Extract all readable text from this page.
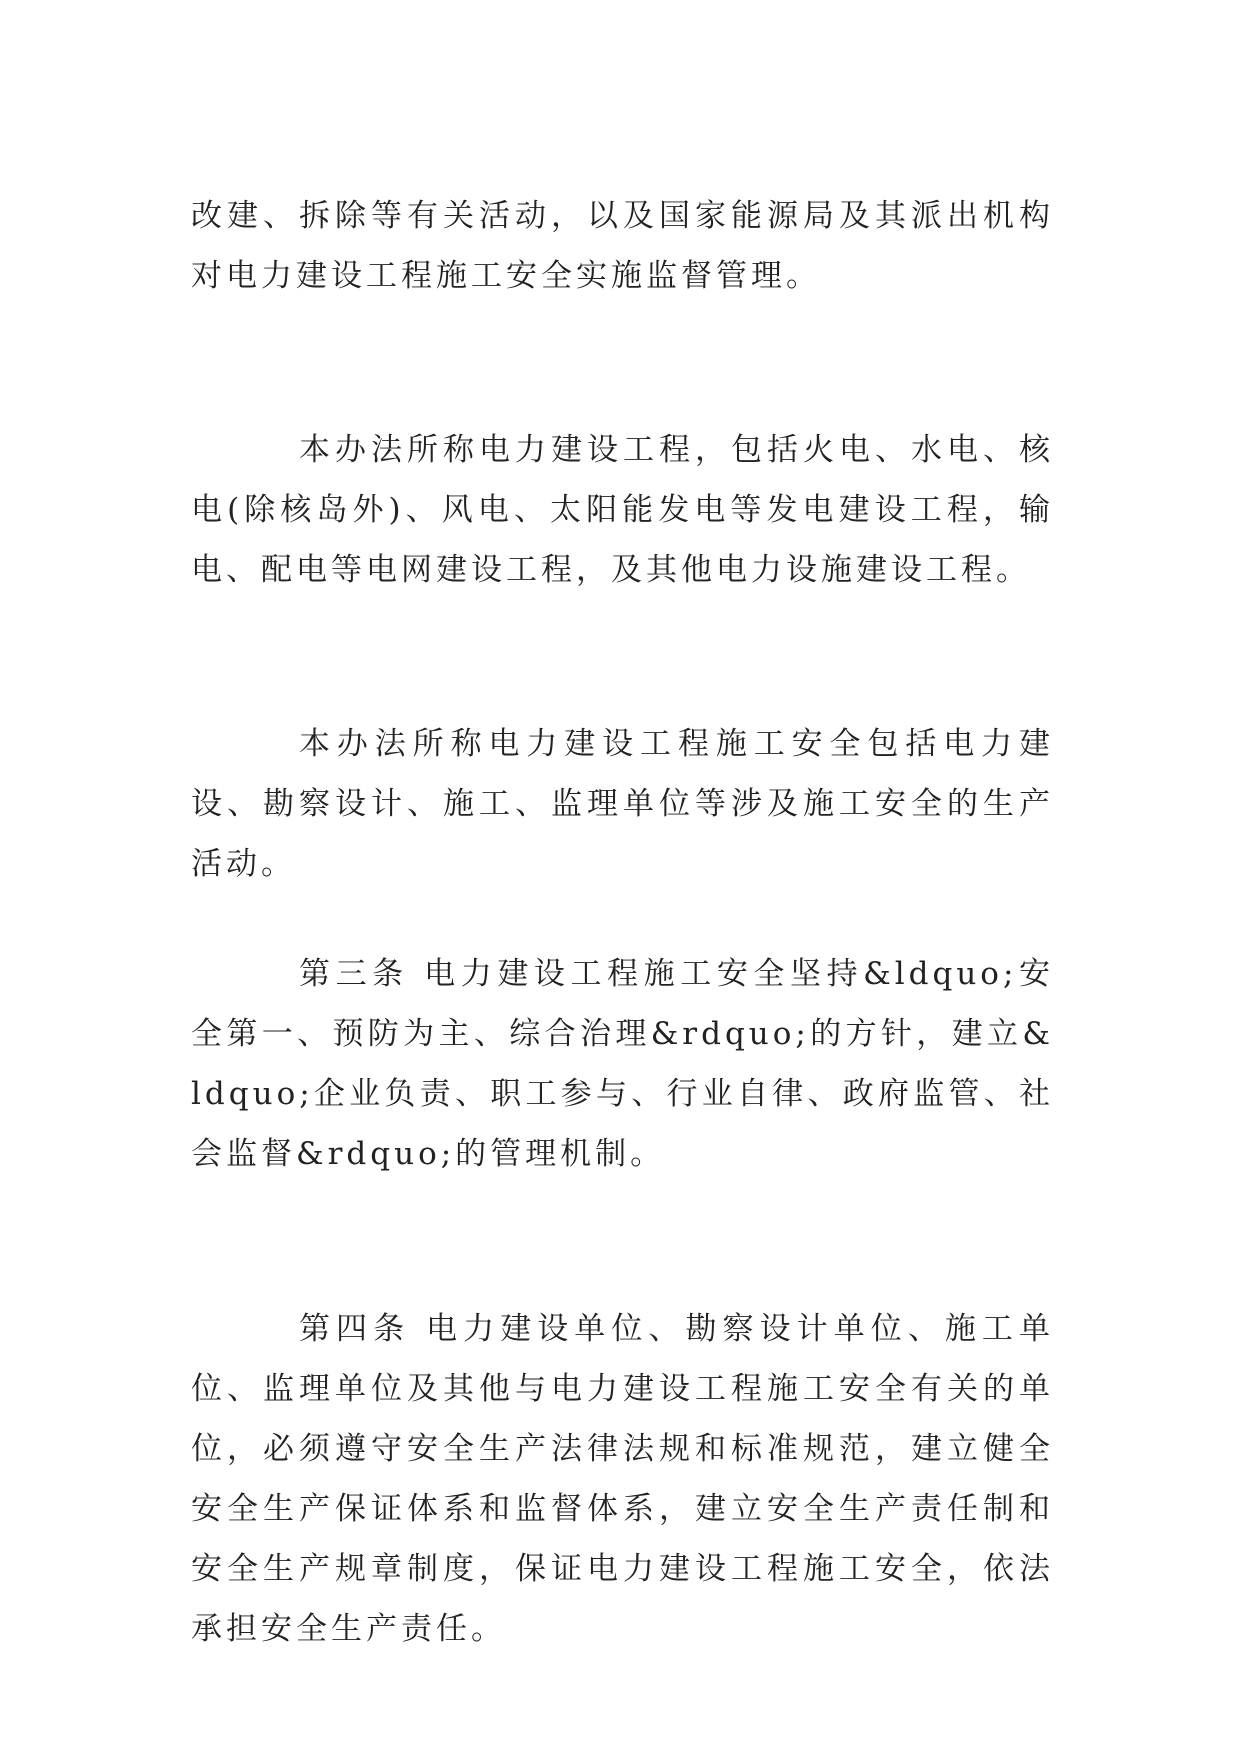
改建、拆除等有关活动，以及国家能源局及其派出机构对电力建设工程施工安全实施监督管理。

本办法所称电力建设工程，包括火电、水电、核电(除核岛外)、风电、太阳能发电等发电建设工程，输电、配电等电网建设工程，及其他电力设施建设工程。

本办法所称电力建设工程施工安全包括电力建设、勘察设计、施工、监理单位等涉及施工安全的生产活动。

第三条 电力建设工程施工安全坚持&ldquo;安全第一、预防为主、综合治理&rdquo;的方针，建立&ldquo;企业负责、职工参与、行业自律、政府监管、社会监督&rdquo;的管理机制。

第四条 电力建设单位、勘察设计单位、施工单位、监理单位及其他与电力建设工程施工安全有关的单位，必须遵守安全生产法律法规和标准规范，建立健全安全生产保证体系和监督体系，建立安全生产责任制和安全生产规章制度，保证电力建设工程施工安全，依法承担安全生产责任。
